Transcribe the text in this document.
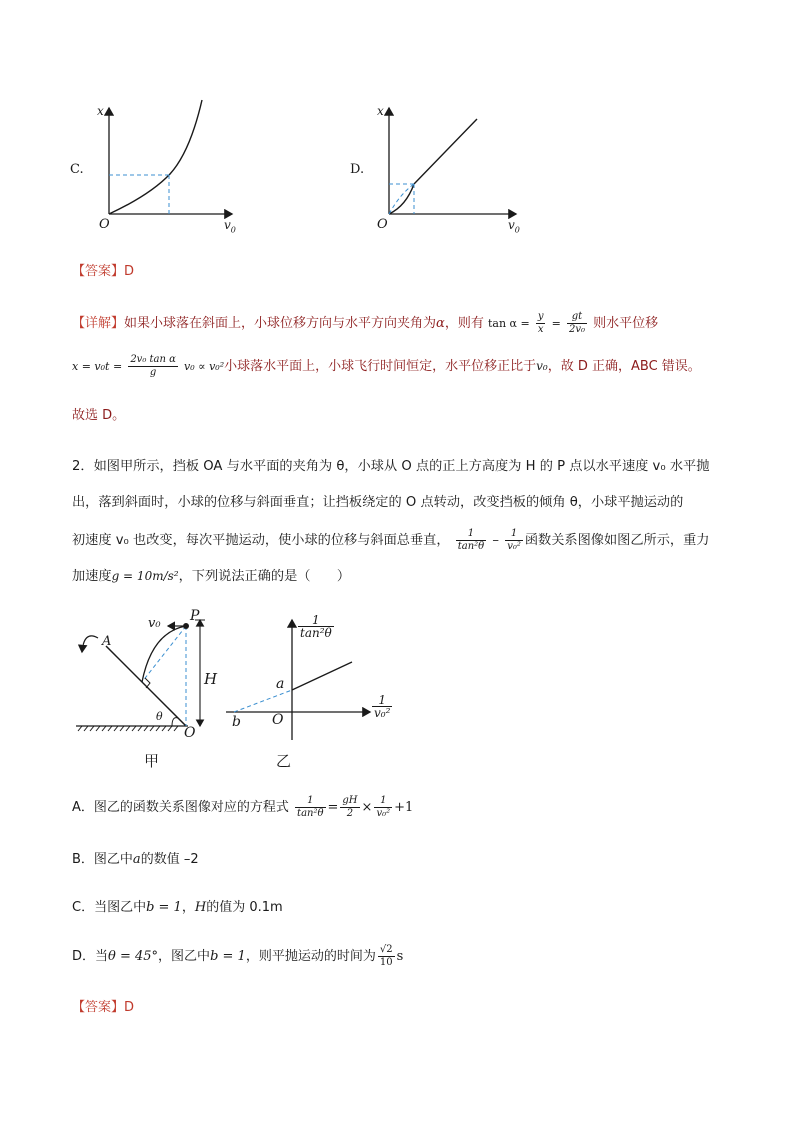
C.
x
O	$v_0$
D.
x
O	$v_0$
【答案】D
【详解】如果小球落在斜面上，小球位移方向与水平方向夹角为α，则有 $\tan \alpha = \frac{y}{x} = \frac{gt}{\text{2v₀}}$ 则水平位移
$x = v_0t = \frac{\text{2v₀ tan α}}{g} v_0 \propto v_0^2$小球落水平面上，小球飞行时间恒定，水平位移正比于v₀，故 D 正确，ABC 错误。
故选 D。
2．如图甲所示，挡板 OA 与水平面的夹角为 θ，小球从 O 点的正上方高度为 H 的 P 点以水平速度 v₀ 水平抛
出，落到斜面时，小球的位移与斜面垂直；让挡板绕定的 O 点转动，改变挡板的倾角 θ，小球平抛运动的
初速度 v₀ 也改变，每次平抛运动，使小球的位移与斜面总垂直， $\frac{1}{\text{tan²θ}} - \frac{1}{\text{v₀²}}$ 函数关系图像如图乙所示，重力
加速度g = 10m/s²，下列说法正确的是（　　）
A
P
v₀
H
θ
O
甲
$\frac{1}{\text{tan²θ}}$
a
b O
$\frac{1}{\text{v₀²}}$
乙
A．图乙的函数关系图像对应的方程式 $\frac{1}{\text{tan²θ}} = \frac{gH}{2} \times \frac{1}{\text{v₀²}} +1$
B．图乙中a的数值 –2
C．当图乙中b = 1，H的值为 0.1m
D．当θ = 45°，图乙中b = 1，则平抛运动的时间为 $\frac{√2}{10}$ s
【答案】D
